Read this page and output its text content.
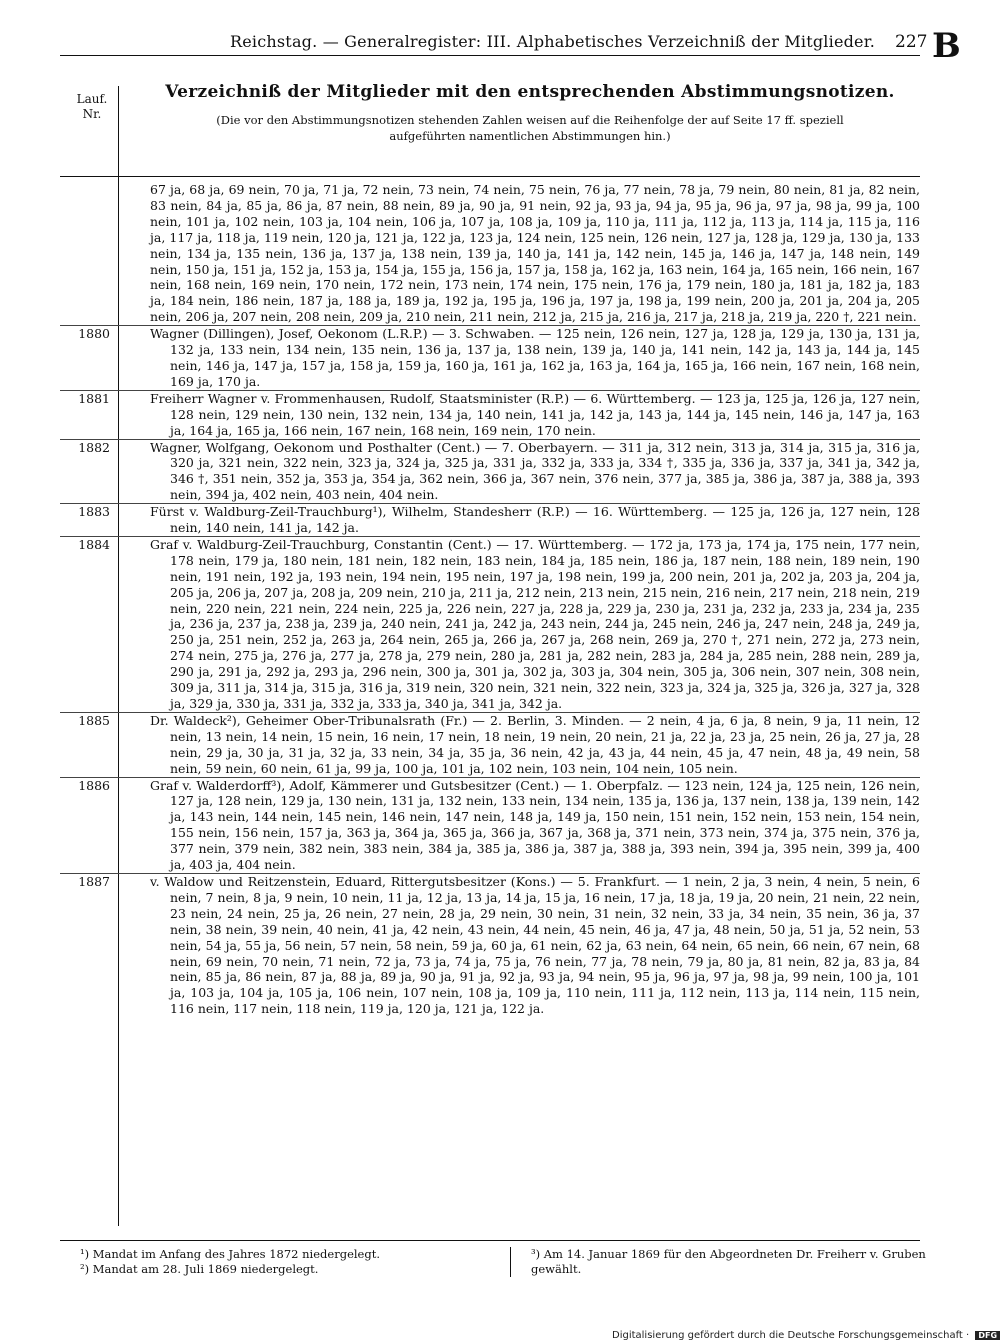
Reichstag. — Generalregister: III. Alphabetisches Verzeichniß der Mitglieder. 227 B
Lauf.
Nr.
Verzeichniß der Mitglieder mit den entsprechenden Abstimmungsnotizen.
(Die vor den Abstimmungsnotizen stehenden Zahlen weisen auf die Reihenfolge der auf Seite 17 ff. speziell aufgeführten namentlichen Abstimmungen hin.)
67 ja, 68 ja, 69 nein, 70 ja, 71 ja, 72 nein, 73 nein, 74 nein, 75 nein, 76 ja, 77 nein, 78 ja, 79 nein, 80 nein, 81 ja, 82 nein, 83 nein, 84 ja, 85 ja, 86 ja, 87 nein, 88 nein, 89 ja, 90 ja, 91 nein, 92 ja, 93 ja, 94 ja, 95 ja, 96 ja, 97 ja, 98 ja, 99 ja, 100 nein, 101 ja, 102 nein, 103 ja, 104 nein, 106 ja, 107 ja, 108 ja, 109 ja, 110 ja, 111 ja, 112 ja, 113 ja, 114 ja, 115 ja, 116 ja, 117 ja, 118 ja, 119 nein, 120 ja, 121 ja, 122 ja, 123 ja, 124 nein, 125 nein, 126 nein, 127 ja, 128 ja, 129 ja, 130 ja, 133 nein, 134 ja, 135 nein, 136 ja, 137 ja, 138 nein, 139 ja, 140 ja, 141 ja, 142 nein, 145 ja, 146 ja, 147 ja, 148 nein, 149 nein, 150 ja, 151 ja, 152 ja, 153 ja, 154 ja, 155 ja, 156 ja, 157 ja, 158 ja, 162 ja, 163 nein, 164 ja, 165 nein, 166 nein, 167 nein, 168 nein, 169 nein, 170 nein, 172 nein, 173 nein, 174 nein, 175 nein, 176 ja, 179 nein, 180 ja, 181 ja, 182 ja, 183 ja, 184 nein, 186 nein, 187 ja, 188 ja, 189 ja, 192 ja, 195 ja, 196 ja, 197 ja, 198 ja, 199 nein, 200 ja, 201 ja, 204 ja, 205 nein, 206 ja, 207 nein, 208 nein, 209 ja, 210 nein, 211 nein, 212 ja, 215 ja, 216 ja, 217 ja, 218 ja, 219 ja, 220 †, 221 nein.
1880	Wagner (Dillingen), Josef, Oekonom (L.R.P.) — 3. Schwaben. — 125 nein, 126 nein, 127 ja, 128 ja, 129 ja, 130 ja, 131 ja, 132 ja, 133 nein, 134 nein, 135 nein, 136 ja, 137 ja, 138 nein, 139 ja, 140 ja, 141 nein, 142 ja, 143 ja, 144 ja, 145 nein, 146 ja, 147 ja, 157 ja, 158 ja, 159 ja, 160 ja, 161 ja, 162 ja, 163 ja, 164 ja, 165 ja, 166 nein, 167 nein, 168 nein, 169 ja, 170 ja.
1881	Freiherr Wagner v. Frommenhausen, Rudolf, Staatsminister (R.P.) — 6. Württemberg. — 123 ja, 125 ja, 126 ja, 127 nein, 128 nein, 129 nein, 130 nein, 132 nein, 134 ja, 140 nein, 141 ja, 142 ja, 143 ja, 144 ja, 145 nein, 146 ja, 147 ja, 163 ja, 164 ja, 165 ja, 166 nein, 167 nein, 168 nein, 169 nein, 170 nein.
1882	Wagner, Wolfgang, Oekonom und Posthalter (Cent.) — 7. Oberbayern. — 311 ja, 312 nein, 313 ja, 314 ja, 315 ja, 316 ja, 320 ja, 321 nein, 322 nein, 323 ja, 324 ja, 325 ja, 331 ja, 332 ja, 333 ja, 334 †, 335 ja, 336 ja, 337 ja, 341 ja, 342 ja, 346 †, 351 nein, 352 ja, 353 ja, 354 ja, 362 nein, 366 ja, 367 nein, 376 nein, 377 ja, 385 ja, 386 ja, 387 ja, 388 ja, 393 nein, 394 ja, 402 nein, 403 nein, 404 nein.
1883	Fürst v. Waldburg-Zeil-Trauchburg¹), Wilhelm, Standesherr (R.P.) — 16. Württemberg. — 125 ja, 126 ja, 127 nein, 128 nein, 140 nein, 141 ja, 142 ja.
1884	Graf v. Waldburg-Zeil-Trauchburg, Constantin (Cent.) — 17. Württemberg. — 172 ja, 173 ja, 174 ja, 175 nein, 177 nein, 178 nein, 179 ja, 180 nein, 181 nein, 182 nein, 183 nein, 184 ja, 185 nein, 186 ja, 187 nein, 188 nein, 189 nein, 190 nein, 191 nein, 192 ja, 193 nein, 194 nein, 195 nein, 197 ja, 198 nein, 199 ja, 200 nein, 201 ja, 202 ja, 203 ja, 204 ja, 205 ja, 206 ja, 207 ja, 208 ja, 209 nein, 210 ja, 211 ja, 212 nein, 213 nein, 215 nein, 216 nein, 217 nein, 218 nein, 219 nein, 220 nein, 221 nein, 224 nein, 225 ja, 226 nein, 227 ja, 228 ja, 229 ja, 230 ja, 231 ja, 232 ja, 233 ja, 234 ja, 235 ja, 236 ja, 237 ja, 238 ja, 239 ja, 240 nein, 241 ja, 242 ja, 243 nein, 244 ja, 245 nein, 246 ja, 247 nein, 248 ja, 249 ja, 250 ja, 251 nein, 252 ja, 263 ja, 264 nein, 265 ja, 266 ja, 267 ja, 268 nein, 269 ja, 270 †, 271 nein, 272 ja, 273 nein, 274 nein, 275 ja, 276 ja, 277 ja, 278 ja, 279 nein, 280 ja, 281 ja, 282 nein, 283 ja, 284 ja, 285 nein, 288 nein, 289 ja, 290 ja, 291 ja, 292 ja, 293 ja, 296 nein, 300 ja, 301 ja, 302 ja, 303 ja, 304 nein, 305 ja, 306 nein, 307 nein, 308 nein, 309 ja, 311 ja, 314 ja, 315 ja, 316 ja, 319 nein, 320 nein, 321 nein, 322 nein, 323 ja, 324 ja, 325 ja, 326 ja, 327 ja, 328 ja, 329 ja, 330 ja, 331 ja, 332 ja, 333 ja, 340 ja, 341 ja, 342 ja.
1885	Dr. Waldeck²), Geheimer Ober-Tribunalsrath (Fr.) — 2. Berlin, 3. Minden. — 2 nein, 4 ja, 6 ja, 8 nein, 9 ja, 11 nein, 12 nein, 13 nein, 14 nein, 15 nein, 16 nein, 17 nein, 18 nein, 19 nein, 20 nein, 21 ja, 22 ja, 23 ja, 25 nein, 26 ja, 27 ja, 28 nein, 29 ja, 30 ja, 31 ja, 32 ja, 33 nein, 34 ja, 35 ja, 36 nein, 42 ja, 43 ja, 44 nein, 45 ja, 47 nein, 48 ja, 49 nein, 58 nein, 59 nein, 60 nein, 61 ja, 99 ja, 100 ja, 101 ja, 102 nein, 103 nein, 104 nein, 105 nein.
1886	Graf v. Walderdorff³), Adolf, Kämmerer und Gutsbesitzer (Cent.) — 1. Oberpfalz. — 123 nein, 124 ja, 125 nein, 126 nein, 127 ja, 128 nein, 129 ja, 130 nein, 131 ja, 132 nein, 133 nein, 134 nein, 135 ja, 136 ja, 137 nein, 138 ja, 139 nein, 142 ja, 143 nein, 144 nein, 145 nein, 146 nein, 147 nein, 148 ja, 149 ja, 150 nein, 151 nein, 152 nein, 153 nein, 154 nein, 155 nein, 156 nein, 157 ja, 363 ja, 364 ja, 365 ja, 366 ja, 367 ja, 368 ja, 371 nein, 373 nein, 374 ja, 375 nein, 376 ja, 377 nein, 379 nein, 382 nein, 383 nein, 384 ja, 385 ja, 386 ja, 387 ja, 388 ja, 393 nein, 394 ja, 395 nein, 399 ja, 400 ja, 403 ja, 404 nein.
1887	v. Waldow und Reitzenstein, Eduard, Rittergutsbesitzer (Kons.) — 5. Frankfurt. — 1 nein, 2 ja, 3 nein, 4 nein, 5 nein, 6 nein, 7 nein, 8 ja, 9 nein, 10 nein, 11 ja, 12 ja, 13 ja, 14 ja, 15 ja, 16 nein, 17 ja, 18 ja, 19 ja, 20 nein, 21 nein, 22 nein, 23 nein, 24 nein, 25 ja, 26 nein, 27 nein, 28 ja, 29 nein, 30 nein, 31 nein, 32 nein, 33 ja, 34 nein, 35 nein, 36 ja, 37 nein, 38 nein, 39 nein, 40 nein, 41 ja, 42 nein, 43 nein, 44 nein, 45 nein, 46 ja, 47 ja, 48 nein, 50 ja, 51 ja, 52 nein, 53 nein, 54 ja, 55 ja, 56 nein, 57 nein, 58 nein, 59 ja, 60 ja, 61 nein, 62 ja, 63 nein, 64 nein, 65 nein, 66 nein, 67 nein, 68 nein, 69 nein, 70 nein, 71 nein, 72 ja, 73 ja, 74 ja, 75 ja, 76 nein, 77 ja, 78 nein, 79 ja, 80 ja, 81 nein, 82 ja, 83 ja, 84 nein, 85 ja, 86 nein, 87 ja, 88 ja, 89 ja, 90 ja, 91 ja, 92 ja, 93 ja, 94 nein, 95 ja, 96 ja, 97 ja, 98 ja, 99 nein, 100 ja, 101 ja, 103 ja, 104 ja, 105 ja, 106 nein, 107 nein, 108 ja, 109 ja, 110 nein, 111 ja, 112 nein, 113 ja, 114 nein, 115 nein, 116 nein, 117 nein, 118 nein, 119 ja, 120 ja, 121 ja, 122 ja.
¹) Mandat im Anfang des Jahres 1872 niedergelegt.
²) Mandat am 28. Juli 1869 niedergelegt.
³) Am 14. Januar 1869 für den Abgeordneten Dr. Freiherr v. Gruben gewählt.
Digitalisierung gefördert durch die Deutsche Forschungsgemeinschaft · DFG
